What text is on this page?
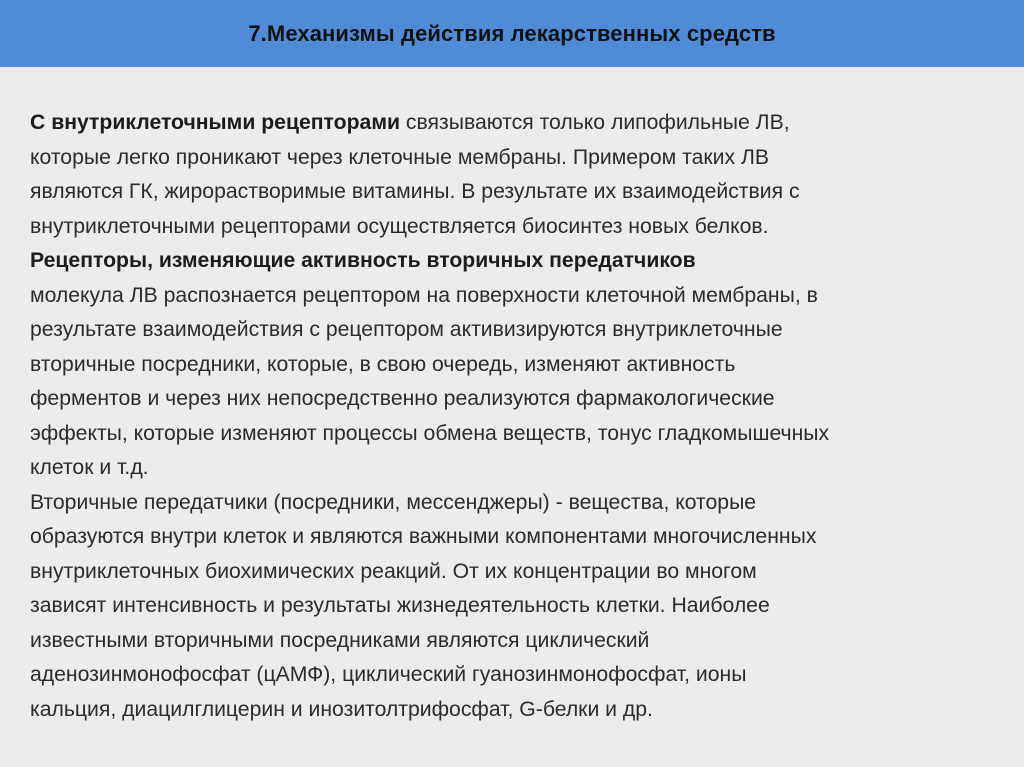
7.Механизмы действия лекарственных средств
С внутриклеточными рецепторами связываются только липофильные ЛВ,
которые легко проникают через клеточные мембраны. Примером таких ЛВ
являются ГК, жирорастворимые витамины. В результате их взаимодействия с
внутриклеточными рецепторами осуществляется биосинтез новых белков.
Рецепторы, изменяющие активность вторичных передатчиков
молекула ЛВ распознается рецептором на поверхности клеточной мембраны, в
результате взаимодействия с рецептором активизируются внутриклеточные
вторичные посредники, которые, в свою очередь, изменяют активность
ферментов и через них непосредственно реализуются фармакологические
эффекты, которые изменяют процессы обмена веществ, тонус гладкомышечных
клеток и т.д.
Вторичные передатчики (посредники, мессенджеры) - вещества, которые
образуются внутри клеток и являются важными компонентами многочисленных
внутриклеточных биохимических реакций. От их концентрации во многом
зависят интенсивность и результаты жизнедеятельность клетки. Наиболее
известными вторичными посредниками являются циклический
аденозинмонофосфат (цАМФ), циклический гуанозинмонофосфат, ионы
кальция, диацилглицерин и инозитолтрифосфат, G-белки и др.
